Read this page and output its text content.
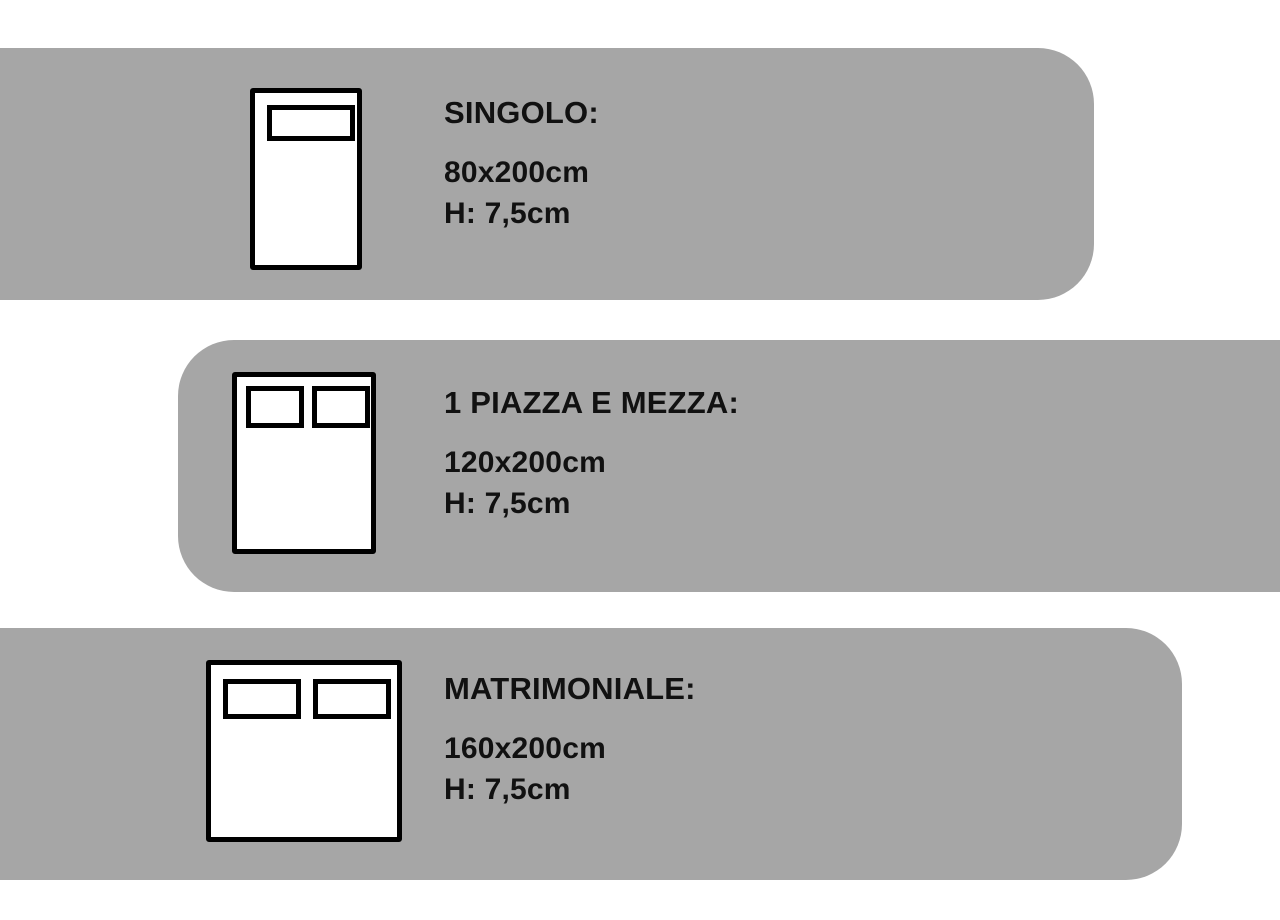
SINGOLO:
80x200cm
H: 7,5cm
1 PIAZZA E MEZZA:
120x200cm
H: 7,5cm
MATRIMONIALE:
160x200cm
H: 7,5cm
